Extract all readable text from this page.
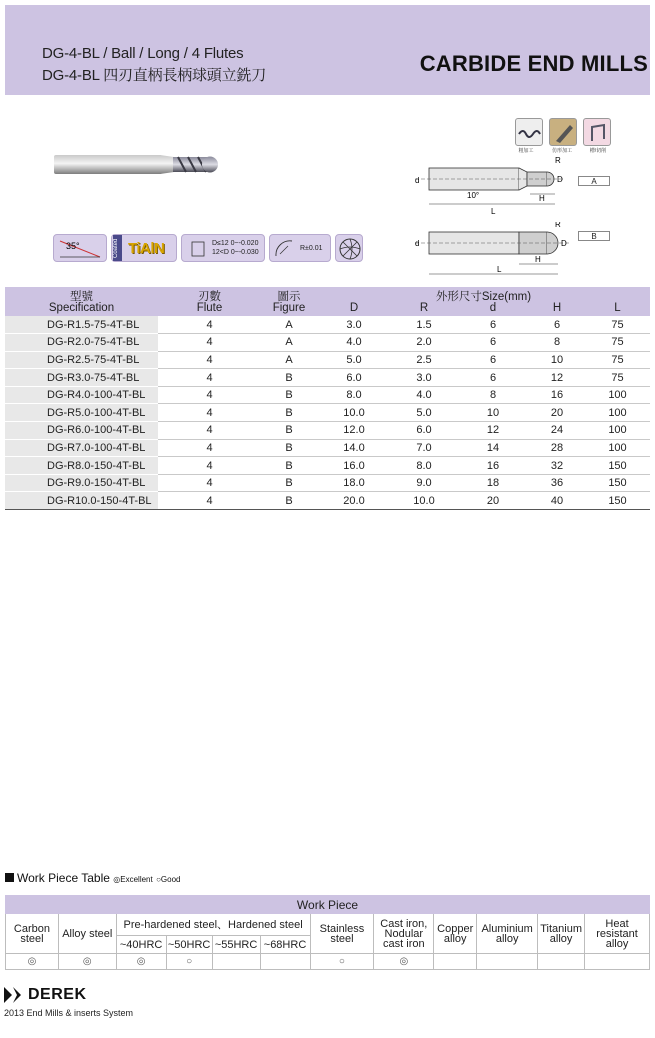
DG-4-BL / Ball / Long / 4 Flutes
DG-4-BL 四刃直柄長柄球頭立銑刀	CARBIDE END MILLS
粗加工	仿形加工	槽/切削
d	D
R
H
L
10°
A
d	D
R
H
L
B
35°	Coated TiAlN	D≤12 0~-0.020
12<D 0~-0.030
R±0.01
型號	刃數	圖示	外形尺寸Size(mm)				
Specification	Flute	Figure	D	R	d	H	L
DG-R1.5-75-4T-BL	4	A	3.0	1.5	6	6	75
DG-R2.0-75-4T-BL	4	A	4.0	2.0	6	8	75
DG-R2.5-75-4T-BL	4	A	5.0	2.5	6	10	75
DG-R3.0-75-4T-BL	4	B	6.0	3.0	6	12	75
DG-R4.0-100-4T-BL	4	B	8.0	4.0	8	16	100
DG-R5.0-100-4T-BL	4	B	10.0	5.0	10	20	100
DG-R6.0-100-4T-BL	4	B	12.0	6.0	12	24	100
DG-R7.0-100-4T-BL	4	B	14.0	7.0	14	28	100
DG-R8.0-150-4T-BL	4	B	16.0	8.0	16	32	150
DG-R9.0-150-4T-BL	4	B	18.0	9.0	18	36	150
DG-R10.0-150-4T-BL	4	B	20.0	10.0	20	40	150
Work Piece Table ◎Excellent ○Good
Work Piece											
Carbon steel	Alloy steel	Pre-hardened steel、Hardened steel				Stainless steel	Cast iron, Nodular cast iron	Copper alloy	Aluminium alloy	Titanium alloy	Heat resistant alloy
		~40HRC	~50HRC	~55HRC	~68HRC						
◎	◎	◎	○			○	◎				
DEREK
2013 End Mills & inserts System
